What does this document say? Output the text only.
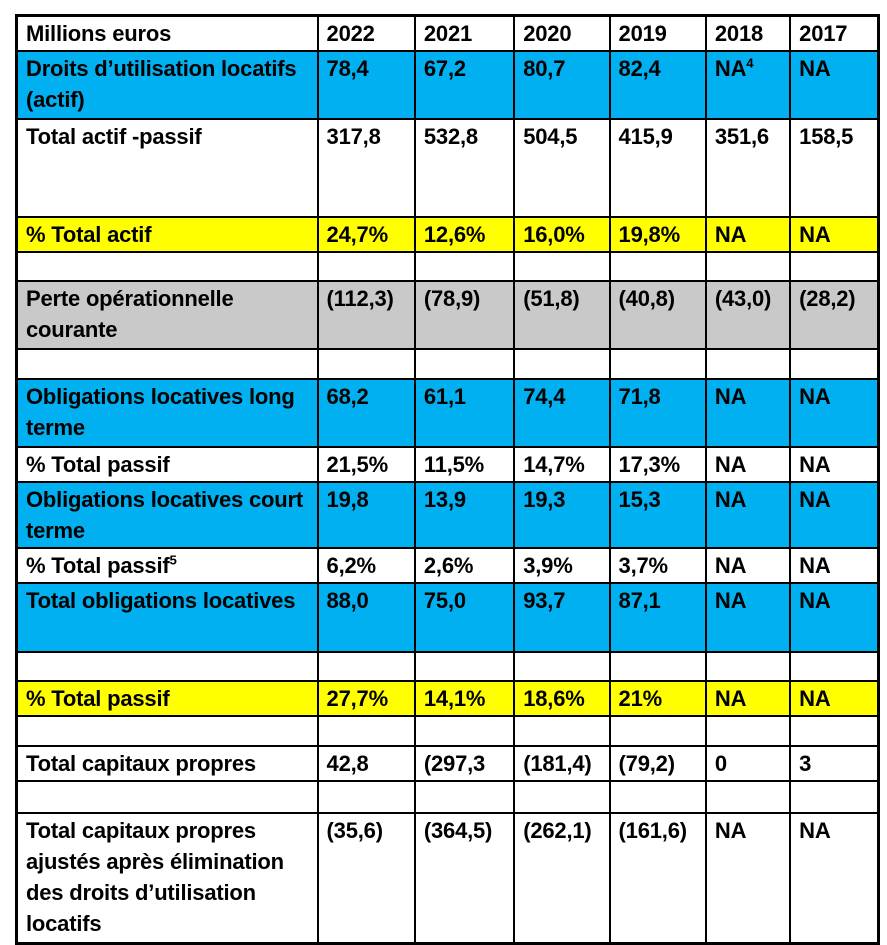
Millions euros	2022	2021	2020	2019	2018	2017
Droits d’utilisation locatifs (actif)	78,4	67,2	80,7	82,4	$NA^4$	NA
Total actif -passif	317,8	532,8	504,5	415,9	351,6	158,5
% Total actif	24,7%	12,6%	16,0%	19,8%	NA	NA

Perte opérationnelle courante	(112,3)	(78,9)	(51,8)	(40,8)	(43,0)	(28,2)

Obligations locatives long terme	68,2	61,1	74,4	71,8	NA	NA
% Total passif	21,5%	11,5%	14,7%	17,3%	NA	NA
Obligations locatives court terme	19,8	13,9	19,3	15,3	NA	NA
% Total passif$^5$	6,2%	2,6%	3,9%	3,7%	NA	NA
Total obligations locatives	88,0	75,0	93,7	87,1	NA	NA

% Total passif	27,7%	14,1%	18,6%	21%	NA	NA

Total capitaux propres	42,8	(297,3	(181,4)	(79,2)	0	3

Total capitaux propres ajustés après élimination des droits d’utilisation locatifs	(35,6)	(364,5)	(262,1)	(161,6)	NA	NA
